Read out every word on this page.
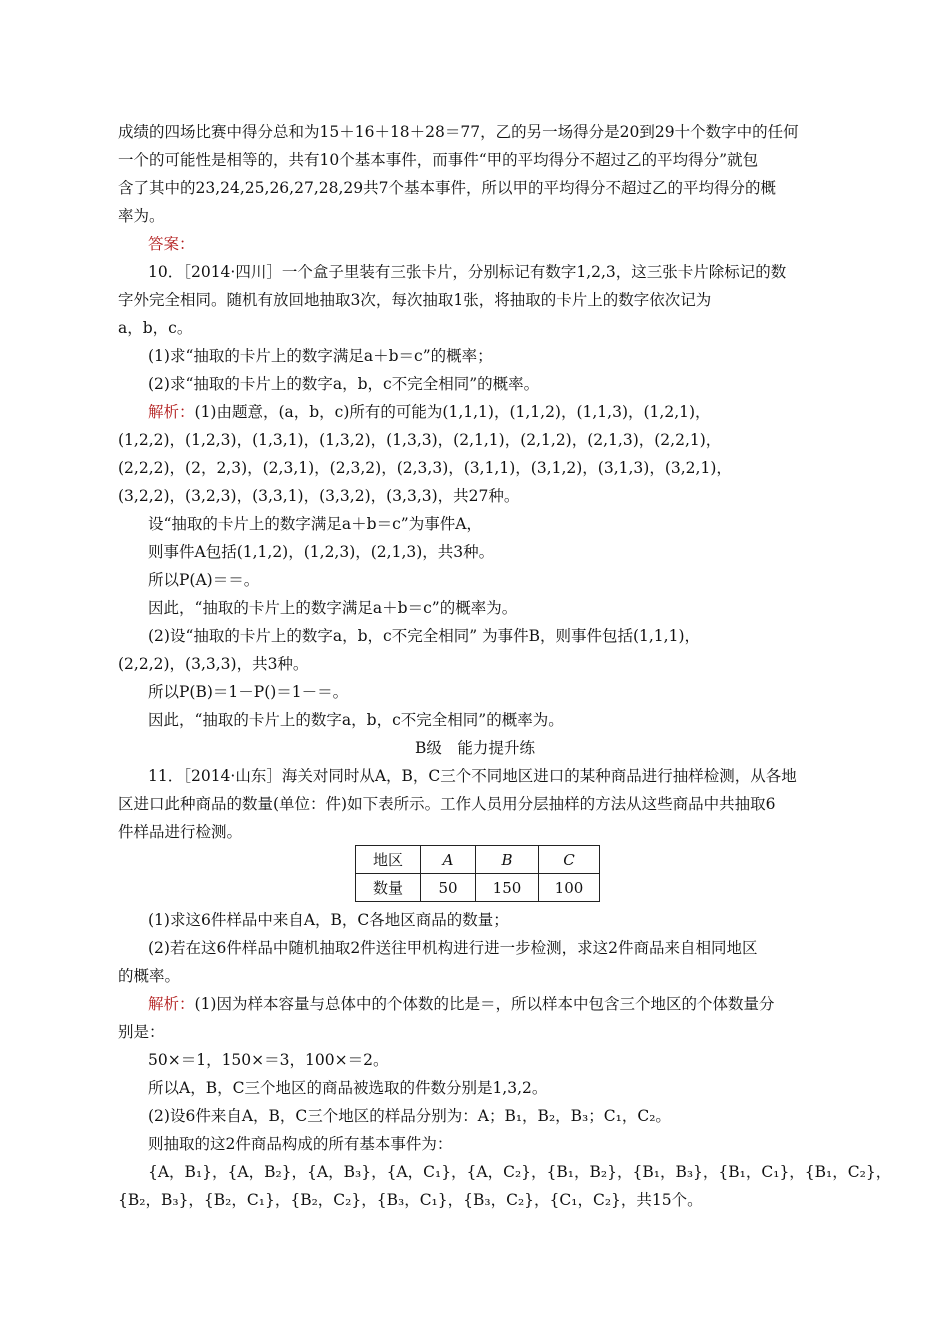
成绩的四场比赛中得分总和为15＋16＋18＋28＝77，乙的另一场得分是20到29十个数字中的任何
一个的可能性是相等的，共有10个基本事件，而事件“甲的平均得分不超过乙的平均得分”就包
含了其中的23,24,25,26,27,28,29共7个基本事件，所以甲的平均得分不超过乙的平均得分的概
率为。
答案：
10．［2014·四川］一个盒子里装有三张卡片，分别标记有数字1,2,3，这三张卡片除标记的数
字外完全相同。随机有放回地抽取3次，每次抽取1张，将抽取的卡片上的数字依次记为
a，b，c。
(1)求“抽取的卡片上的数字满足a＋b＝c”的概率；
(2)求“抽取的卡片上的数字a，b，c不完全相同”的概率。
解析：(1)由题意，(a，b，c)所有的可能为(1,1,1)，(1,1,2)，(1,1,3)，(1,2,1)，
(1,2,2)，(1,2,3)，(1,3,1)，(1,3,2)，(1,3,3)，(2,1,1)，(2,1,2)，(2,1,3)，(2,2,1)，
(2,2,2)，(2，2,3)，(2,3,1)，(2,3,2)，(2,3,3)，(3,1,1)，(3,1,2)，(3,1,3)，(3,2,1)，
(3,2,2)，(3,2,3)，(3,3,1)，(3,3,2)，(3,3,3)，共27种。
设“抽取的卡片上的数字满足a＋b＝c”为事件A，
则事件A包括(1,1,2)，(1,2,3)，(2,1,3)，共3种。
所以P(A)＝＝。
因此，“抽取的卡片上的数字满足a＋b＝c”的概率为。
(2)设“抽取的卡片上的数字a，b，c不完全相同” 为事件B，则事件包括(1,1,1)，
(2,2,2)，(3,3,3)，共3种。
所以P(B)＝1－P()＝1－＝。
因此，“抽取的卡片上的数字a，b，c不完全相同”的概率为。
B级　能力提升练
11．［2014·山东］海关对同时从A，B，C三个不同地区进口的某种商品进行抽样检测，从各地
区进口此种商品的数量(单位：件)如下表所示。工作人员用分层抽样的方法从这些商品中共抽取6
件样品进行检测。
地区	A	B	C
数量	50	150	100
(1)求这6件样品中来自A，B，C各地区商品的数量；
(2)若在这6件样品中随机抽取2件送往甲机构进行进一步检测，求这2件商品来自相同地区
的概率。
解析：(1)因为样本容量与总体中的个体数的比是＝，所以样本中包含三个地区的个体数量分
别是：
50×＝1，150×＝3，100×＝2。
所以A，B，C三个地区的商品被选取的件数分别是1,3,2。
(2)设6件来自A，B，C三个地区的样品分别为：A；B₁，B₂，B₃；C₁，C₂。
则抽取的这2件商品构成的所有基本事件为：
{A，B₁}，{A，B₂}，{A，B₃}，{A，C₁}，{A，C₂}，{B₁，B₂}，{B₁，B₃}，{B₁，C₁}，{B₁，C₂}，
{B₂，B₃}，{B₂，C₁}，{B₂，C₂}，{B₃，C₁}，{B₃，C₂}，{C₁，C₂}，共15个。
